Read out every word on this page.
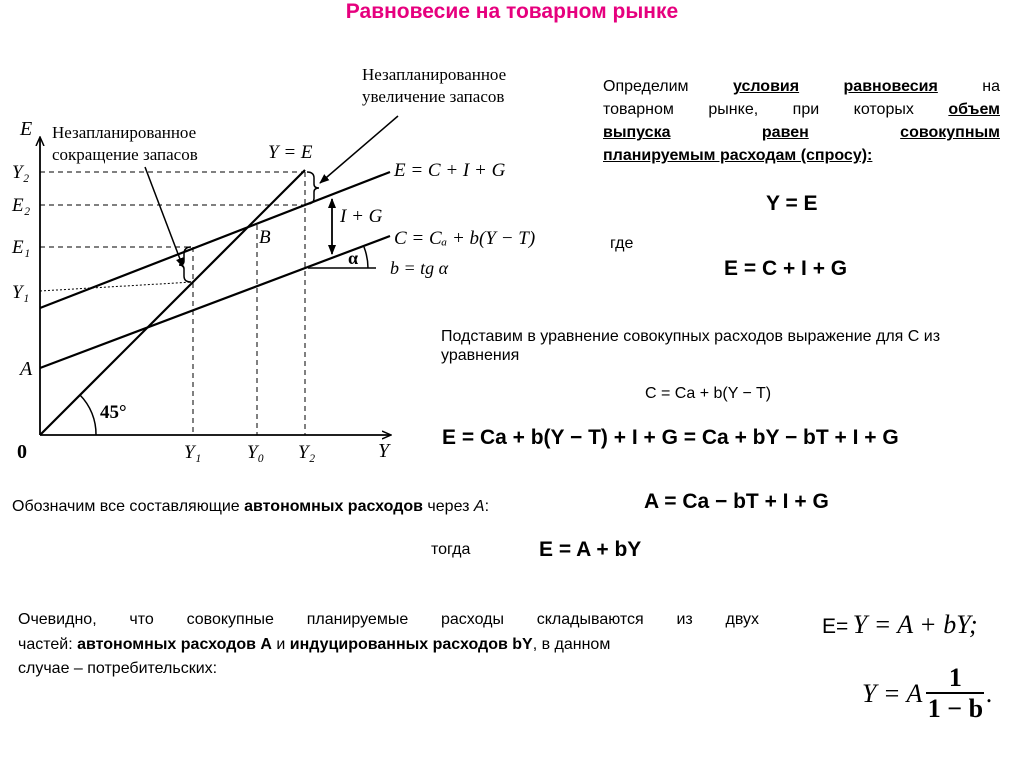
Равновесие на товарном рынке
E
Y
0
Y₂
E₂
E₁
Y₁
A
Y₁ Y₀ Y₂
45°
B
Y = E
E = C + I + G
I + G
C = Cₐ + b(Y − T)
α b = tg α
Незапланированное
сокращение запасов
Незапланированное
увеличение запасов
Определим	условия	равновесия	на
товарном рынке, при которых объем
выпуска	равен	совокупным
планируемым расходам (спросу):
Y = E
где
E = C + I + G
Подставим в уравнение совокупных расходов выражение для C из уравнения
C = Ca + b(Y − T)
E = Ca + b(Y − T) + I + G = Ca + bY − bT + I + G
Обозначим все составляющие автономных расходов через A:	A = Ca − bT + I + G
тогда	E = A + bY
Очевидно, что совокупные планируемые расходы складываются из двух
частей: автономных расходов A и индуцированных расходов bY, в данном
случае – потребительских:
E= Y = A + bY;
Y = A
1
1 − b
.
